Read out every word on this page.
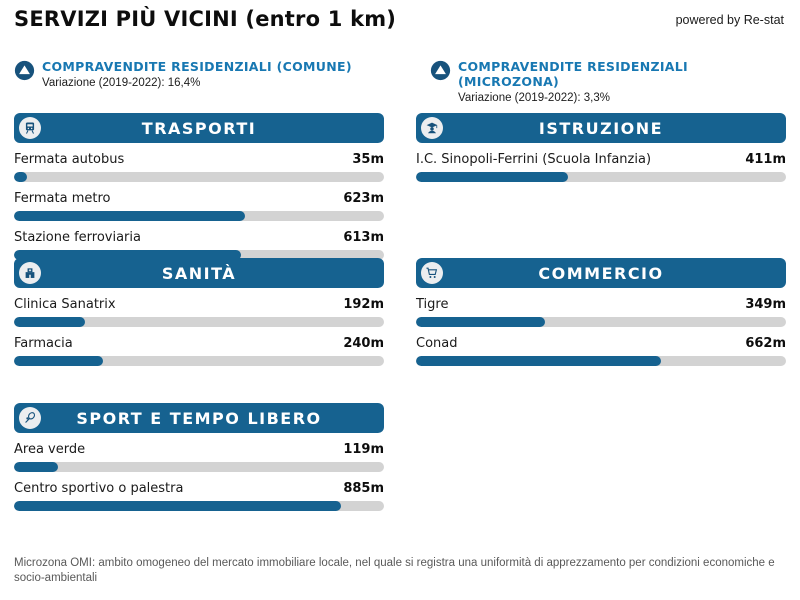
SERVIZI PIÙ VICINI (entro 1 km)	powered by Re-stat
COMPRAVENDITE RESIDENZIALI (COMUNE)
Variazione (2019-2022): 16,4%
COMPRAVENDITE RESIDENZIALI (MICROZONA)
Variazione (2019-2022): 3,3%
TRASPORTI
Fermata autobus	35m
Fermata metro	623m
Stazione ferroviaria	613m
ISTRUZIONE
I.C. Sinopoli-Ferrini (Scuola Infanzia)	411m
SANITÀ
Clinica Sanatrix	192m
Farmacia	240m
COMMERCIO
Tigre	349m
Conad	662m
SPORT E TEMPO LIBERO
Area verde	119m
Centro sportivo o palestra	885m
Microzona OMI: ambito omogeneo del mercato immobiliare locale, nel quale si registra una uniformità di apprezzamento per condizioni economiche e socio-ambientali
